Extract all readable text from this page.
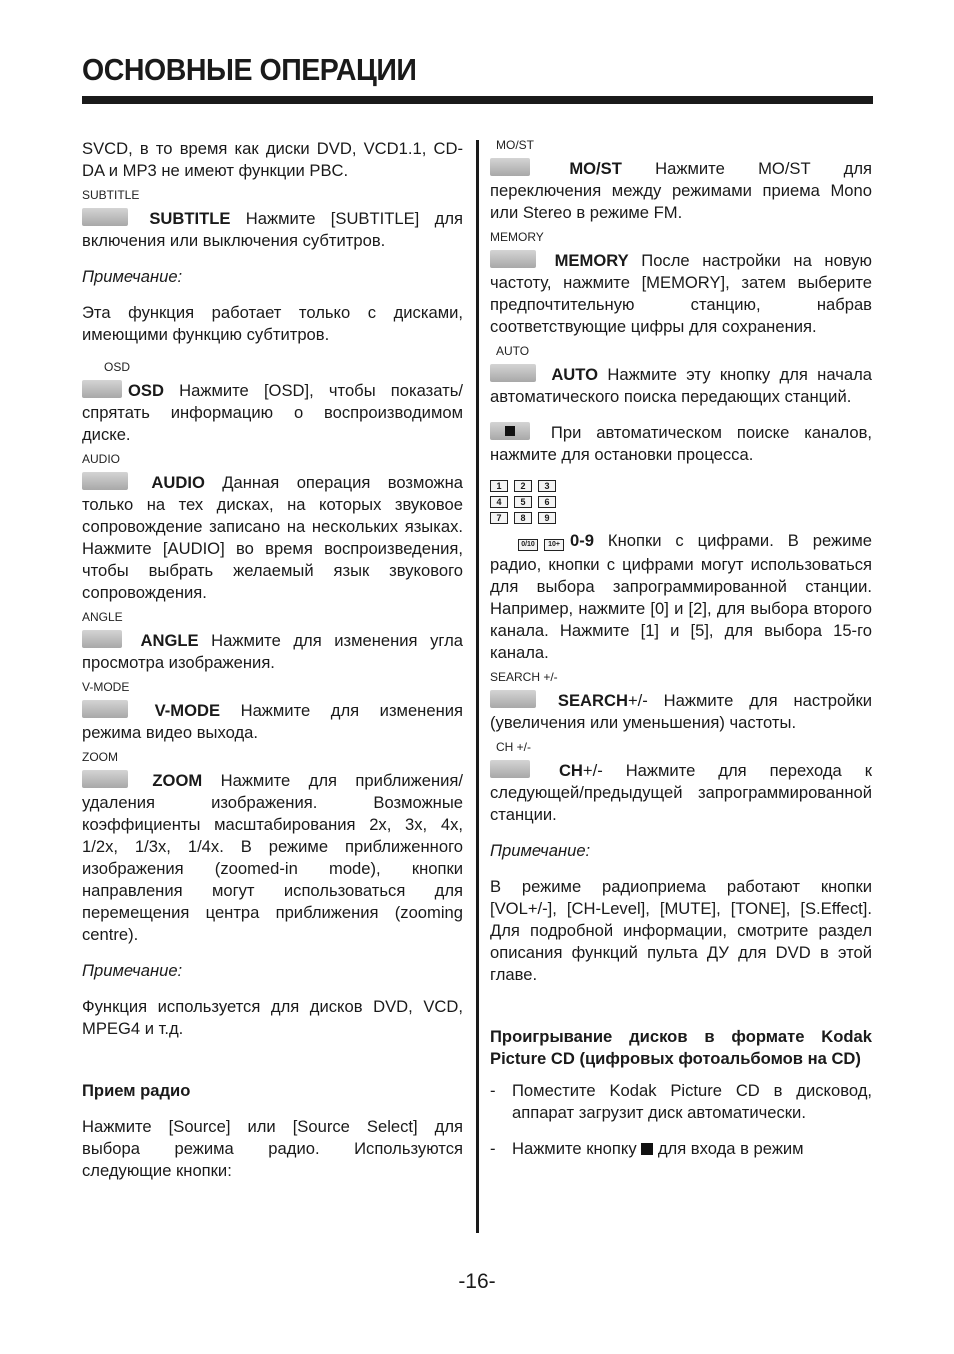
ОСНОВНЫЕ ОПЕРАЦИИ

SVCD, в то время как диски DVD, VCD1.1, CD-DA и MP3 не имеют функции PBC.

SUBTITLE

SUBTITLE Нажмите [SUBTITLE] для включения или выключения субтитров.

Примечание:

Эта функция работает только с дисками, имеющими функцию субтитров.

OSD

OSD Нажмите [OSD], чтобы показать/ спрятать информацию о воспроизводимом диске.

AUDIO

AUDIO Данная операция возможна только на тех дисках, на которых звуковое сопровождение записано на нескольких языках. Нажмите [AUDIO] во время воспроизведения, чтобы выбрать желаемый язык звукового сопровождения.

ANGLE

ANGLE Нажмите для изменения угла просмотра изображения.

V-MODE

V-MODE Нажмите для изменения режима видео выхода.

ZOOM

ZOOM Нажмите для приближения/ удаления изображения. Возможные коэффициенты масштабирования 2x, 3x, 4x, 1/2x, 1/3x, 1/4x. В режиме приближенного изображения (zoomed-in mode), кнопки направления могут использоваться для перемещения центра приближения (zooming centre).

Примечание:

Функция используется для дисков DVD, VCD, MPEG4 и т.д.

Прием радио

Нажмите [Source] или [Source Select] для выбора режима радио. Используются следующие кнопки:

MO/ST

MO/ST Нажмите MO/ST для переключения между режимами приема Mono или Stereo в режиме FM.

MEMORY

MEMORY После настройки на новую частоту, нажмите [MEMORY], затем выберите предпочтительную станцию, набрав соответствующие цифры для сохранения.

AUTO

AUTO Нажмите эту кнопку для начала автоматического поиска передающих станций.

При автоматическом поиске каналов, нажмите для остановки процесса.

1 2 3
4 5 6
7 8 9

0/10 10+ 0-9 Кнопки с цифрами. В режиме радио, кнопки с цифрами могут использоваться для выбора запрограммированной станции. Например, нажмите [0] и [2], для выбора второго канала. Нажмите [1] и [5], для выбора 15-го канала.

SEARCH +/-

SEARCH+/- Нажмите для настройки (увеличения или уменьшения) частоты.

CH +/-

CH+/- Нажмите для перехода к следующей/предыдущей запрограммированной станции.

Примечание:

В режиме радиоприема работают кнопки [VOL+/-], [CH-Level], [MUTE], [TONE], [S.Effect]. Для подробной информации, смотрите раздел описания функций пульта ДУ для DVD в этой главе.

Проигрывание дисков в формате Kodak Picture CD (цифровых фотоальбомов на CD)

- Поместите Kodak Picture CD в дисковод, аппарат загрузит диск автоматически.
- Нажмите кнопку  для входа в режим
-16-
